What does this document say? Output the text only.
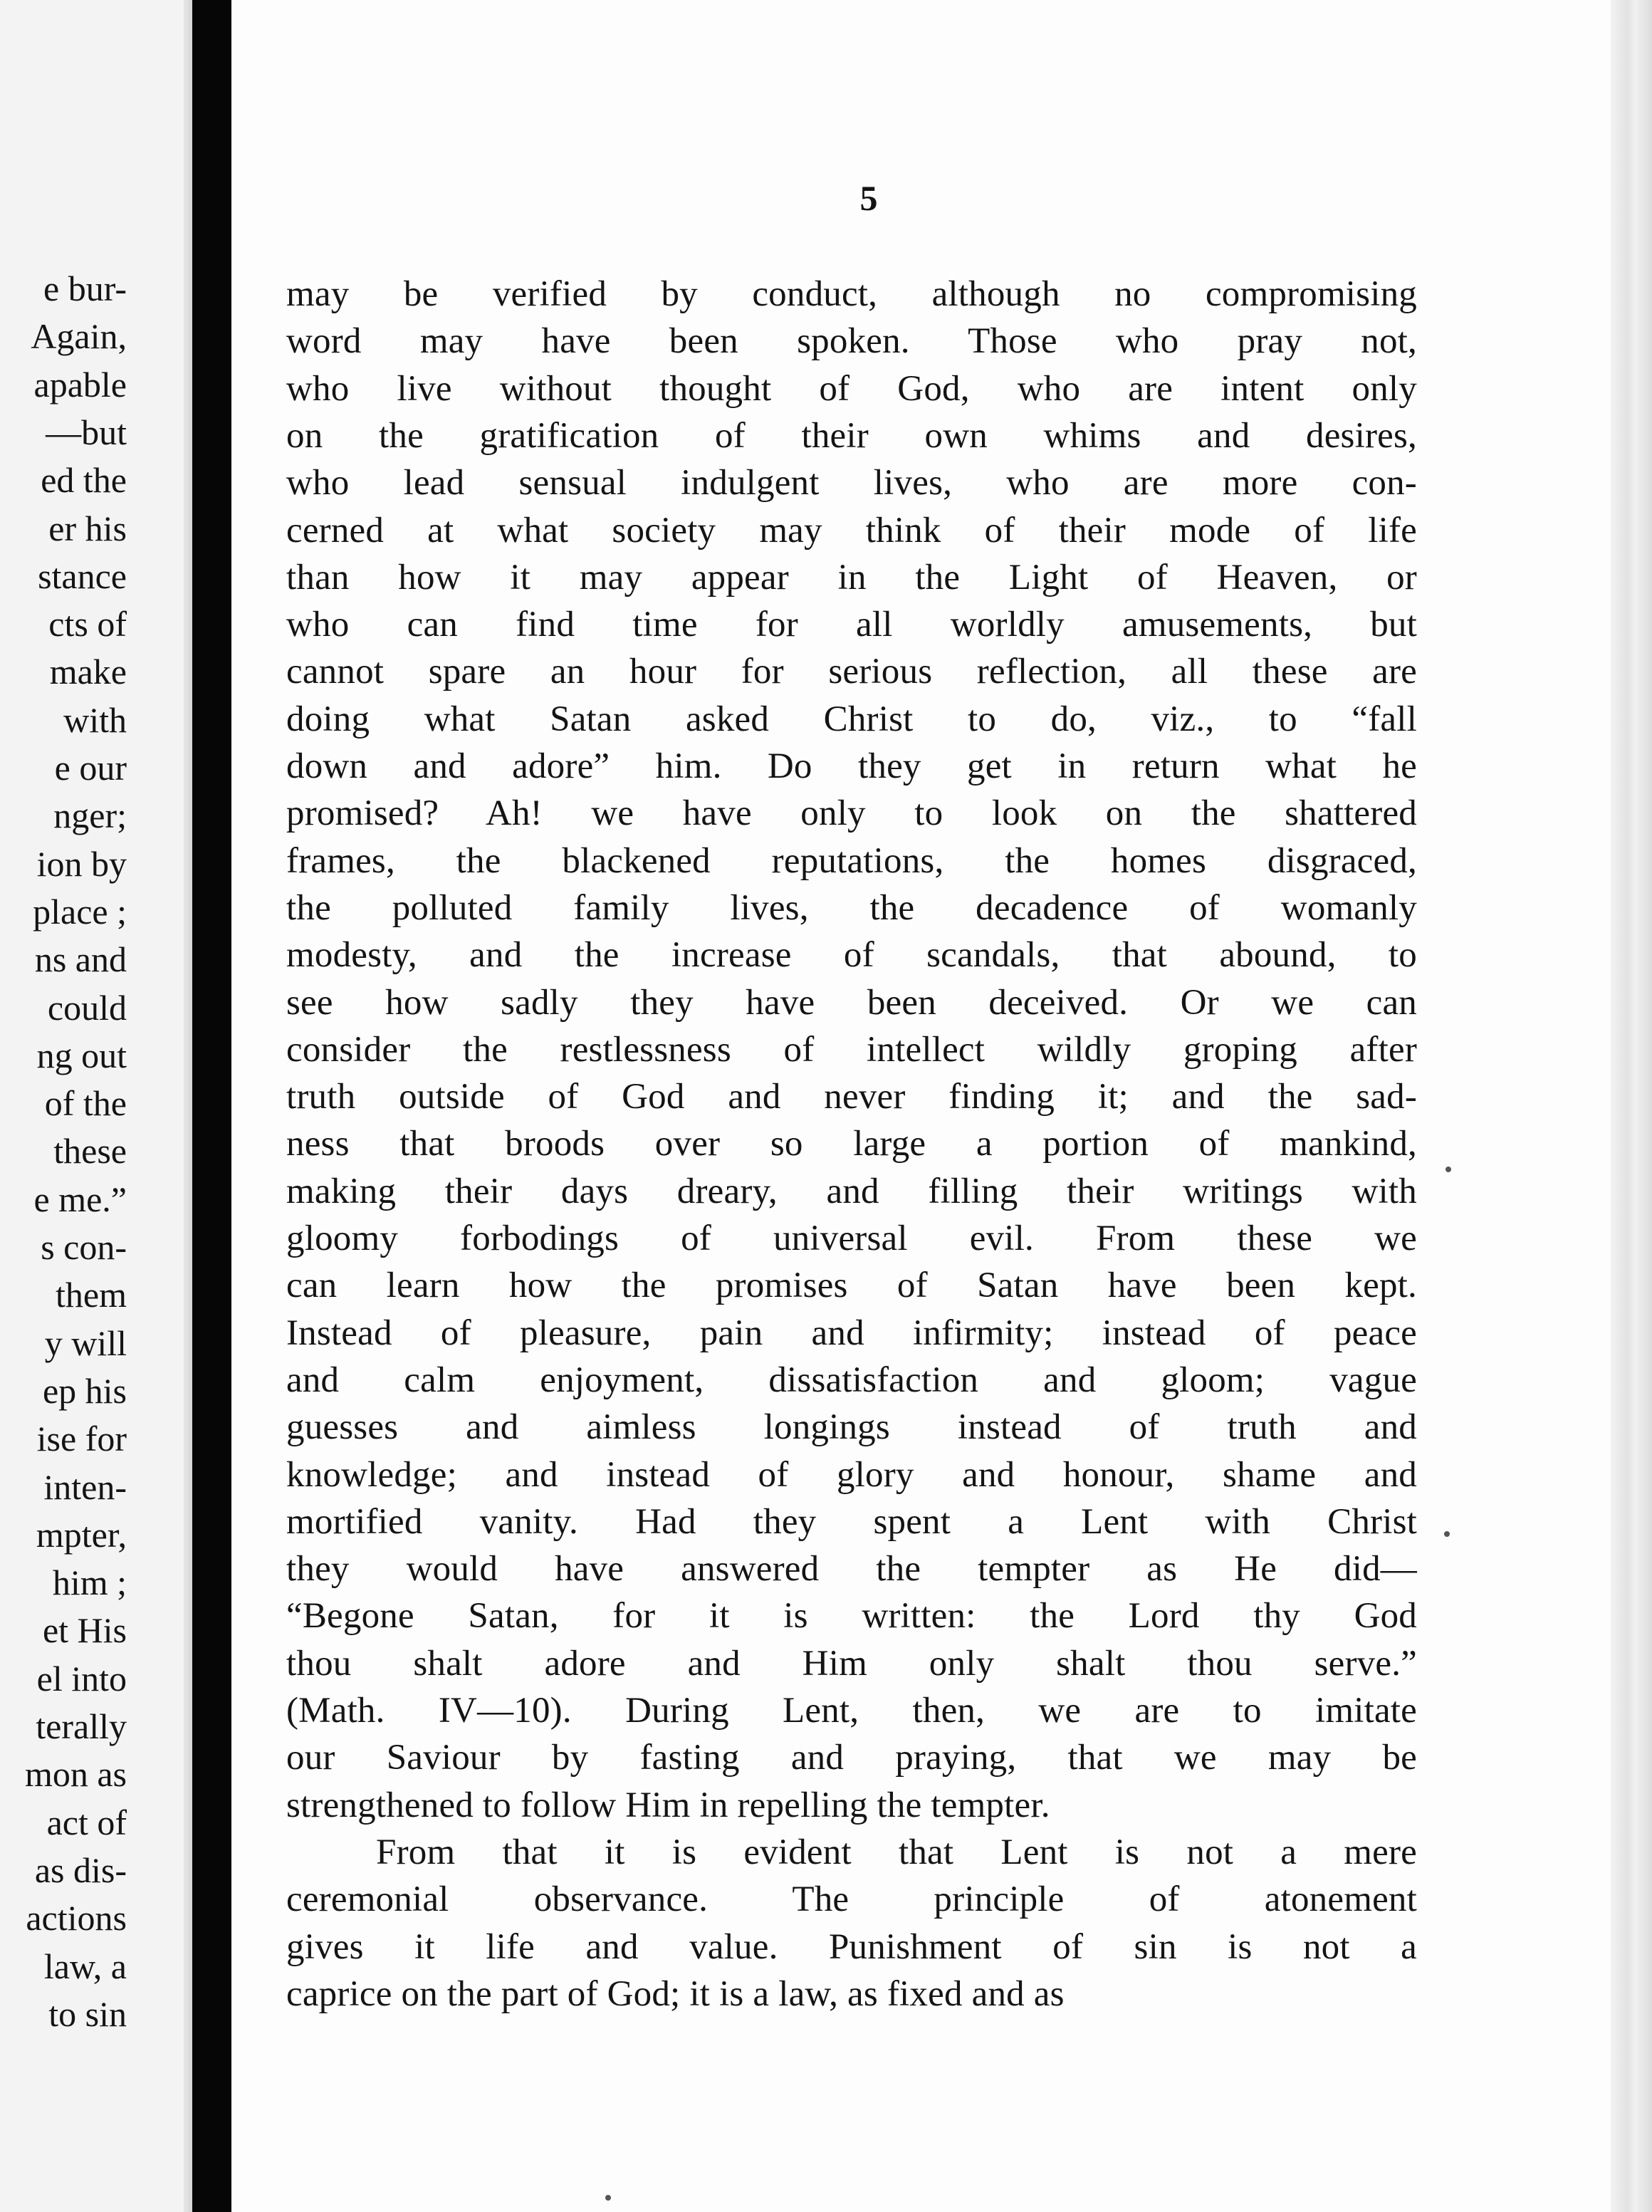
e bur-
Again,
apable
—but
ed the
er his
stance
cts of
make
with
e our
nger;
ion by
place ;
ns and
could
ng out
of the
these
e me.”
s con-
them
y will
ep his
ise for
inten-
mpter,
him ;
et His
el into
terally
mon as
act of
as dis-
actions
law, a
to sin
5
may be verified by conduct, although no compromising
word may have been spoken. Those who pray not,
who live without thought of God, who are intent only
on the gratification of their own whims and desires,
who lead sensual indulgent lives, who are more con-
cerned at what society may think of their mode of life
than how it may appear in the Light of Heaven, or
who can find time for all worldly amusements, but
cannot spare an hour for serious reflection, all these are
doing what Satan asked Christ to do, viz., to “fall
down and adore” him. Do they get in return what he
promised? Ah! we have only to look on the shattered
frames, the blackened reputations, the homes disgraced,
the polluted family lives, the decadence of womanly
modesty, and the increase of scandals, that abound, to
see how sadly they have been deceived. Or we can
consider the restlessness of intellect wildly groping after
truth outside of God and never finding it; and the sad-
ness that broods over so large a portion of mankind,
making their days dreary, and filling their writings with
gloomy forbodings of universal evil. From these we
can learn how the promises of Satan have been kept.
Instead of pleasure, pain and infirmity; instead of peace
and calm enjoyment, dissatisfaction and gloom; vague
guesses and aimless longings instead of truth and
knowledge; and instead of glory and honour, shame and
mortified vanity. Had they spent a Lent with Christ
they would have answered the tempter as He did—
“Begone Satan, for it is written: the Lord thy God
thou shalt adore and Him only shalt thou serve.”
(Math. IV—10). During Lent, then, we are to imitate
our Saviour by fasting and praying, that we may be
strengthened to follow Him in repelling the tempter.
From that it is evident that Lent is not a mere
ceremonial observance. The principle of atonement
gives it life and value. Punishment of sin is not a
caprice on the part of God; it is a law, as fixed and as
